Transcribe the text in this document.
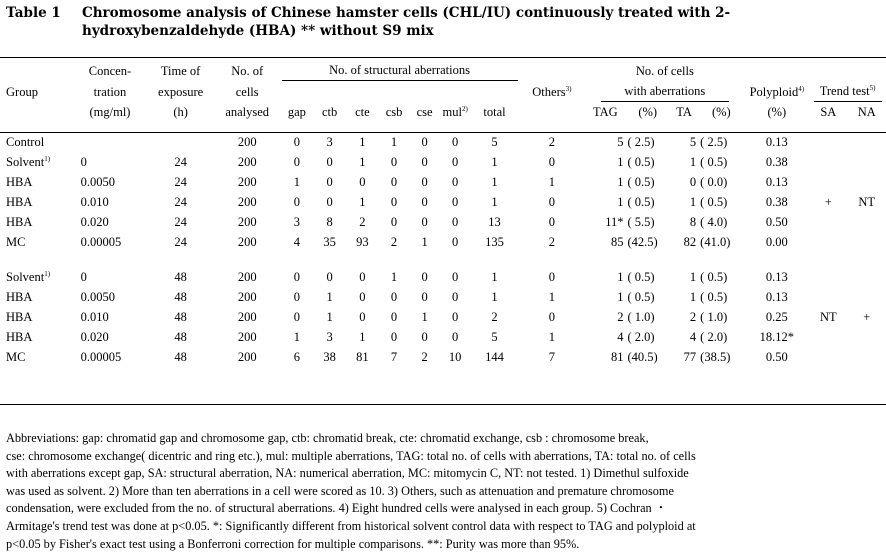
Table 1 Chromosome analysis of Chinese hamster cells (CHL/IU) continuously treated with 2-hydroxybenzaldehyde (HBA) ** without S9 mix
	Concen-	Time of	No. of	No. of structural aberrations								No. of cells						
Group	tration	exposure	cells								Others$^{3)}$	with aberrations				Polyploid$^{4)}$	Trend test$^{5)}$
	(mg/ml)	(h)	analysed	gap	ctb	cte	csb	cse	mul$^{2)}$	total		TAG	(%)	TA	(%)	(%)	SA	NA

Control			200	0	3	1	1	0	0	5	2	5	( 2.5)	5	( 2.5)	0.13		
Solvent$^{1)}$	0	24	200	0	0	1	0	0	0	1	0	1	( 0.5)	1	( 0.5)	0.38		
HBA	0.0050	24	200	1	0	0	0	0	0	1	1	1	( 0.5)	0	( 0.0)	0.13		
HBA	0.010	24	200	0	0	1	0	0	0	1	0	1	( 0.5)	1	( 0.5)	0.38	+	NT
HBA	0.020	24	200	3	8	2	0	0	0	13	0	11*	( 5.5)	8	( 4.0)	0.50		
MC	0.00005	24	200	4	35	93	2	1	0	135	2	85	(42.5)	82	(41.0)	0.00		

Solvent$^{1)}$	0	48	200	0	0	0	1	0	0	1	0	1	( 0.5)	1	( 0.5)	0.13		
HBA	0.0050	48	200	0	1	0	0	0	0	1	1	1	( 0.5)	1	( 0.5)	0.13		
HBA	0.010	48	200	0	1	0	0	1	0	2	0	2	( 1.0)	2	( 1.0)	0.25	NT	+
HBA	0.020	48	200	1	3	1	0	0	0	5	1	4	( 2.0)	4	( 2.0)	18.12*		
MC	0.00005	48	200	6	38	81	7	2	10	144	7	81	(40.5)	77	(38.5)	0.50		
Abbreviations: gap: chromatid gap and chromosome gap, ctb: chromatid break, cte: chromatid exchange, csb : chromosome break,
cse: chromosome exchange( dicentric and ring etc.), mul: multiple aberrations, TAG: total no. of cells with aberrations, TA: total no. of cells
with aberrations except gap, SA: structural aberration, NA: numerical aberration, MC: mitomycin C, NT: not tested. 1) Dimethul sulfoxide
was used as solvent. 2) More than ten aberrations in a cell were scored as 10. 3) Others, such as attenuation and premature chromosome
condensation, were excluded from the no. of structural aberrations. 4) Eight hundred cells were analysed in each group. 5) Cochran ・
Armitage's trend test was done at p<0.05. *: Significantly different from historical solvent control data with respect to TAG and polyploid at
p<0.05 by Fisher's exact test using a Bonferroni correction for multiple comparisons. **: Purity was more than 95%.
